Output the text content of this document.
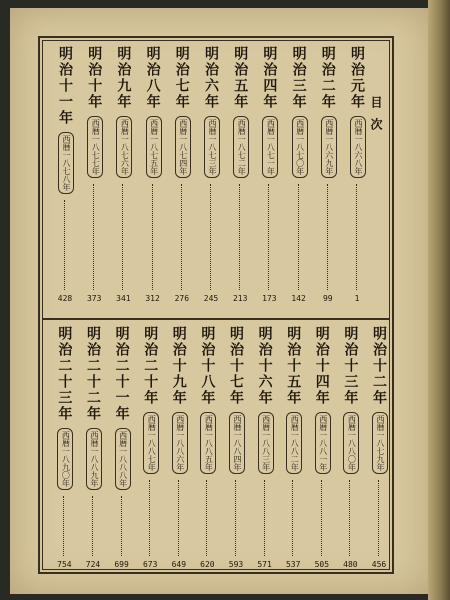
目次
明治元年
西暦一八六八年
1
明治二年
西暦一八六九年
99
明治三年
西暦一八七〇年
142
明治四年
西暦一八七一年
173
明治五年
西暦一八七二年
213
明治六年
西暦一八七三年
245
明治七年
西暦一八七四年
276
明治八年
西暦一八七五年
312
明治九年
西暦一八七六年
341
明治十年
西暦一八七七年
373
明治十一年
西暦一八七八年
428
明治十二年
西暦一八七九年
456
明治十三年
西暦一八八〇年
480
明治十四年
西暦一八八一年
505
明治十五年
西暦一八八二年
537
明治十六年
西暦一八八三年
571
明治十七年
西暦一八八四年
593
明治十八年
西暦一八八五年
620
明治十九年
西暦一八八六年
649
明治二十年
西暦一八八七年
673
明治二十一年
西暦一八八八年
699
明治二十二年
西暦一八八九年
724
明治二十三年
西暦一八九〇年
754
